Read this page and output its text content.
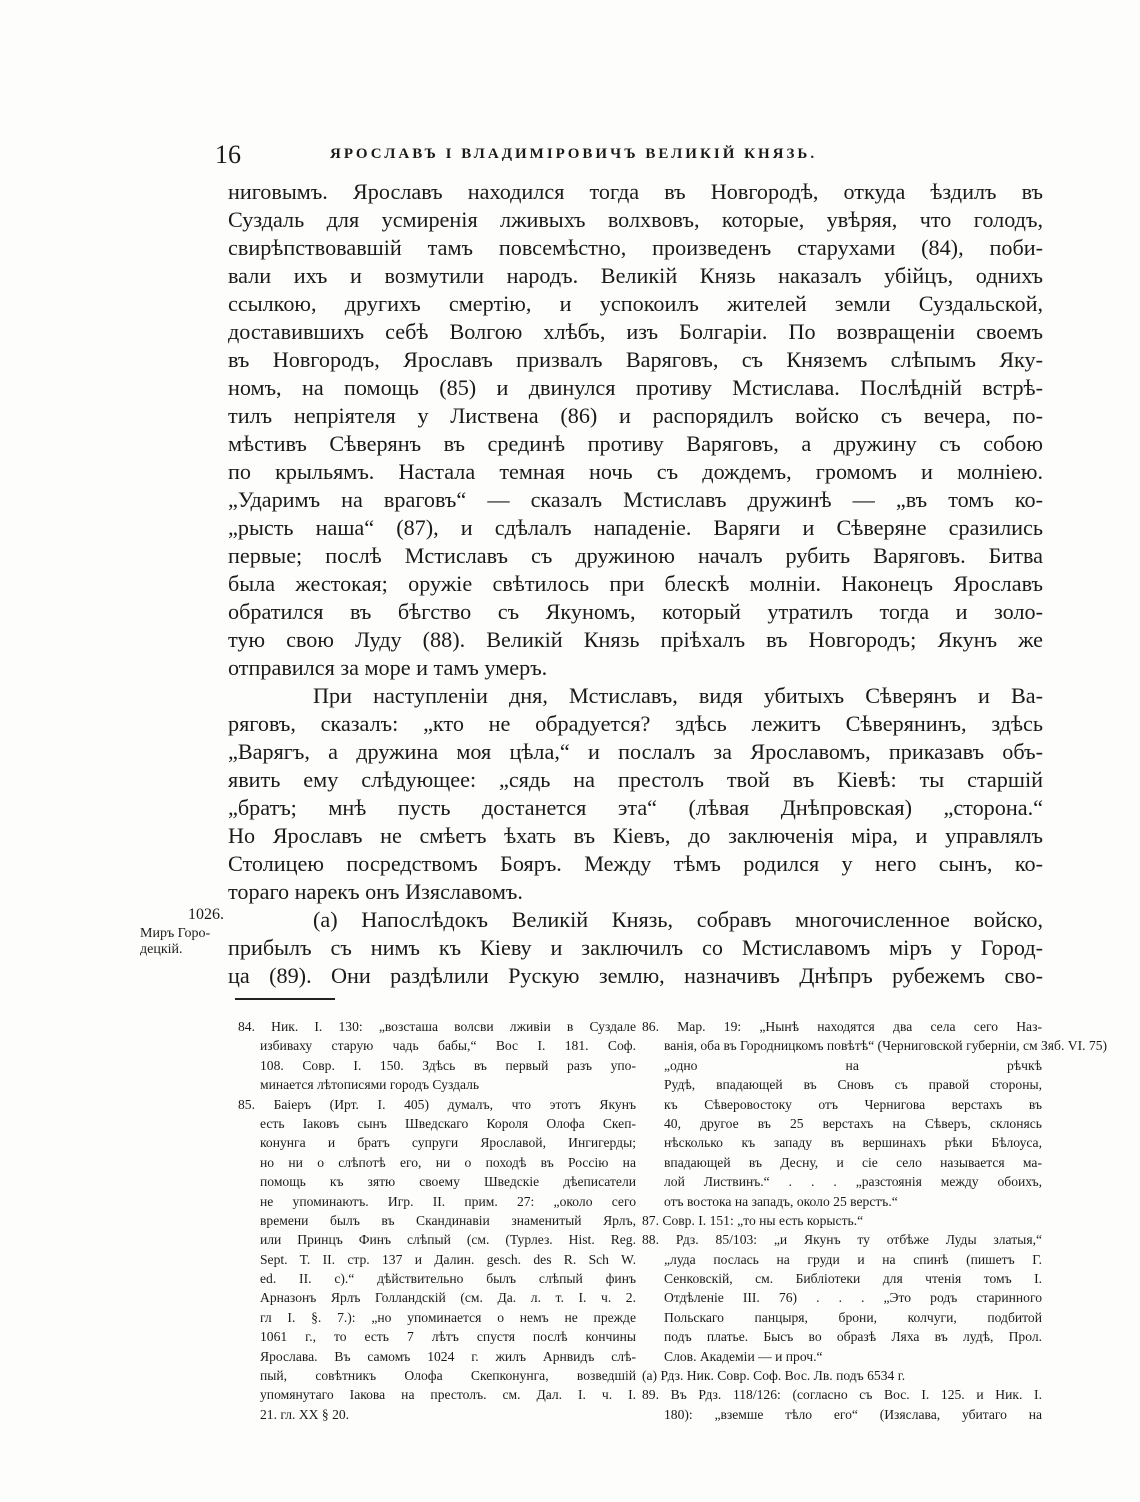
16	ЯРОСЛАВЪ І ВЛАДИМІРОВИЧЪ ВЕЛИКІЙ КНЯЗЬ.
ниговымъ. Ярославъ находился тогда въ Новгородѣ, откуда ѣздилъ въ
Суздаль для усмиренія лживыхъ волхвовъ, которые, увѣряя, что голодъ,
свирѣпствовавшій тамъ повсемѣстно, произведенъ старухами (84), поби-
вали ихъ и возмутили народъ. Великій Князь наказалъ убійцъ, однихъ
ссылкою, другихъ смертію, и успокоилъ жителей земли Суздальской,
доставившихъ себѣ Волгою хлѣбъ, изъ Болгаріи. По возвращеніи своемъ
въ Новгородъ, Ярославъ призвалъ Варяговъ, съ Княземъ слѣпымъ Яку-
номъ, на помощь (85) и двинулся противу Мстислава. Послѣдній встрѣ-
тилъ непріятеля у Листвена (86) и распорядилъ войско съ вечера, по-
мѣстивъ Сѣверянъ въ срединѣ противу Варяговъ, а дружину съ собою
по крыльямъ. Настала темная ночь съ дождемъ, громомъ и молніею.
„Ударимъ на враговъ“ — сказалъ Мстиславъ дружинѣ — „въ томъ ко-
„рысть наша“ (87), и сдѣлалъ нападеніе. Варяги и Сѣверяне сразились
первые; послѣ Мстиславъ съ дружиною началъ рубить Варяговъ. Битва
была жестокая; оружіе свѣтилось при блескѣ молніи. Наконецъ Ярославъ
обратился въ бѣгство съ Якуномъ, который утратилъ тогда и золо-
тую свою Луду (88). Великій Князь пріѣхалъ въ Новгородъ; Якунъ же
отправился за море и тамъ умеръ.
При наступленіи дня, Мстиславъ, видя убитыхъ Сѣверянъ и Ва-
ряговъ, сказалъ: „кто не обрадуется? здѣсь лежитъ Сѣверянинъ, здѣсь
„Варягъ, а дружина моя цѣла,“ и послалъ за Ярославомъ, приказавъ объ-
явить ему слѣдующее: „сядь на престолъ твой въ Кіевѣ: ты старшій
„братъ; мнѣ пусть достанется эта“ (лѣвая Днѣпровская) „сторона.“
Но Ярославъ не смѣетъ ѣхать въ Кіевъ, до заключенія міра, и управлялъ
Столицею посредствомъ Бояръ. Между тѣмъ родился у него сынъ, ко-
тораго нарекъ онъ Изяславомъ.
(а) Напослѣдокъ Великій Князь, собравъ многочисленное войско,
прибылъ съ нимъ къ Кіеву и заключилъ со Мстиславомъ міръ у Город-
ца (89). Они раздѣлили Рускую землю, назначивъ Днѣпръ рубежемъ сво-
1026.
Миръ Горо-
децкій.
84. Ник. I. 130: „возсташа волсви лживіи в Суздале
избиваху старую чадь бабы,“ Вос I. 181. Соф.
108. Совр. I. 150. Здѣсь въ первый разъ упо-
минается лѣтописями городъ Суздаль
85. Баіеръ (Ирт. I. 405) думалъ, что этотъ Якунъ
есть Іаковъ сынъ Шведскаго Короля Олофа Скеп-
конунга и братъ супруги Ярославой, Ингигерды;
но ни о слѣпотѣ его, ни о походѣ въ Россію на
помощь къ зятю своему Шведскіе дѣеписатели
не упоминаютъ. Игр. II. прим. 27: „около сего
времени былъ въ Скандинавіи знаменитый Ярлъ,
или Принцъ Финъ слѣпый (см. (Турлез. Hist. Reg.
Sept. T. II. стр. 137 и Далин. gesch. des R. Sch W.
ed. II. с).“ дѣйствительно былъ слѣпый финъ
Арназонъ Ярлъ Голландскій (см. Да. л. т. I. ч. 2.
гл I. §. 7.): „но упоминается о немъ не прежде
1061 г., то есть 7 лѣтъ спустя послѣ кончины
Ярослава. Въ самомъ 1024 г. жилъ Арнвидъ слѣ-
пый, совѣтникъ Олофа Скепконунга, возведшій
упомянутаго Іакова на престолъ. см. Дал. I. ч. I.
21. гл. XX § 20.
86. Мар. 19: „Нынѣ находятся два села сего Наз-
ванія, оба въ Городницкомъ повѣтѣ“ (Черниговской губерніи, см Зяб. VI. 75)
„одно на рѣчкѣ
Рудѣ, впадающей въ Сновъ съ правой стороны,
къ Сѣверовостоку отъ Чернигова верстахъ въ
40, другое въ 25 верстахъ на Сѣверъ, склонясь
нѣсколько къ западу въ вершинахъ рѣки Бѣлоуса,
впадающей въ Десну, и сіе село называется ма-
лой Листвинъ.“ . . . „разстоянія между обоихъ,
отъ востока на западъ, около 25 верстъ.“
87. Совр. I. 151: „то ны есть корысть.“
88. Рдз. 85/103: „и Якунъ ту отбѣже Луды златыя,“
„луда послась на груди и на спинѣ (пишетъ Г.
Сенковскій, см. Библіотеки для чтенія томъ I.
Отдѣленіе III. 76) . . . „Это родъ старинного
Польскаго панцыря, брони, колчуги, подбитой
подъ платье. Бысъ во образѣ Ляха въ лудѣ, Прол.
Слов. Академіи — и проч.“
(а) Рдз. Ник. Совр. Соф. Вос. Лв. подъ 6534 г.
89. Въ Рдз. 118/126: (согласно съ Вос. I. 125. и Ник. I.
180): „вземше тѣло его“ (Изяслава, убитаго на
